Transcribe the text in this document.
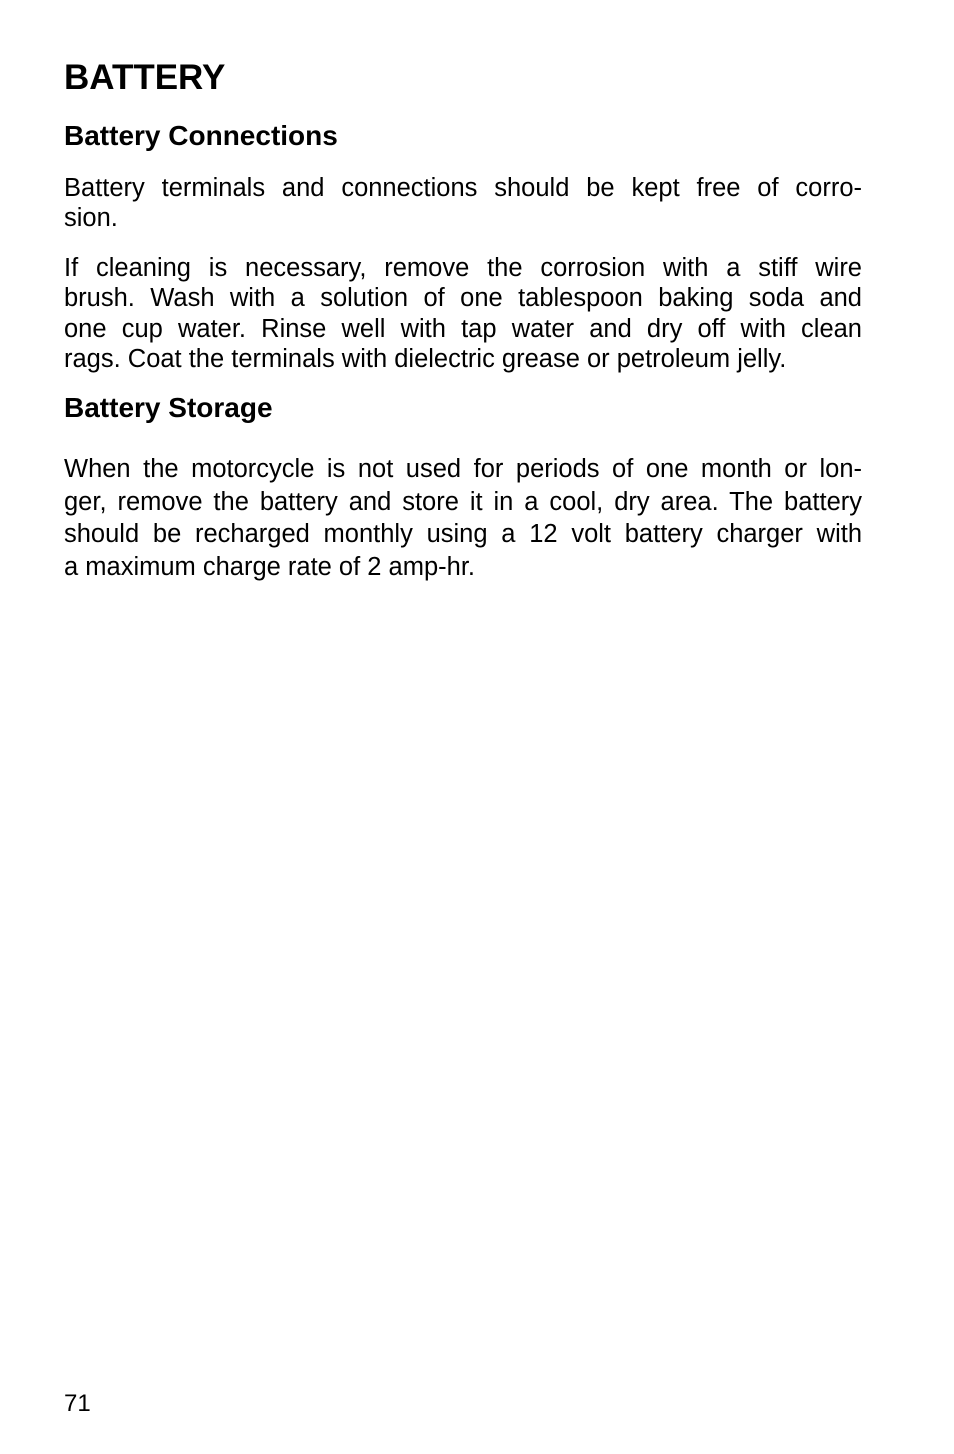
BATTERY
Battery Connections

Battery terminals and connections should be kept free of corro-
sion.

If cleaning is necessary, remove the corrosion with a stiff wire
brush. Wash with a solution of one tablespoon baking soda and
one cup water. Rinse well with tap water and dry off with clean
rags. Coat the terminals with dielectric grease or petroleum jelly.

Battery Storage

When the motorcycle is not used for periods of one month or lon-
ger, remove the battery and store it in a cool, dry area. The battery
should be recharged monthly using a 12 volt battery charger with
a maximum charge rate of 2 amp-hr.

71
